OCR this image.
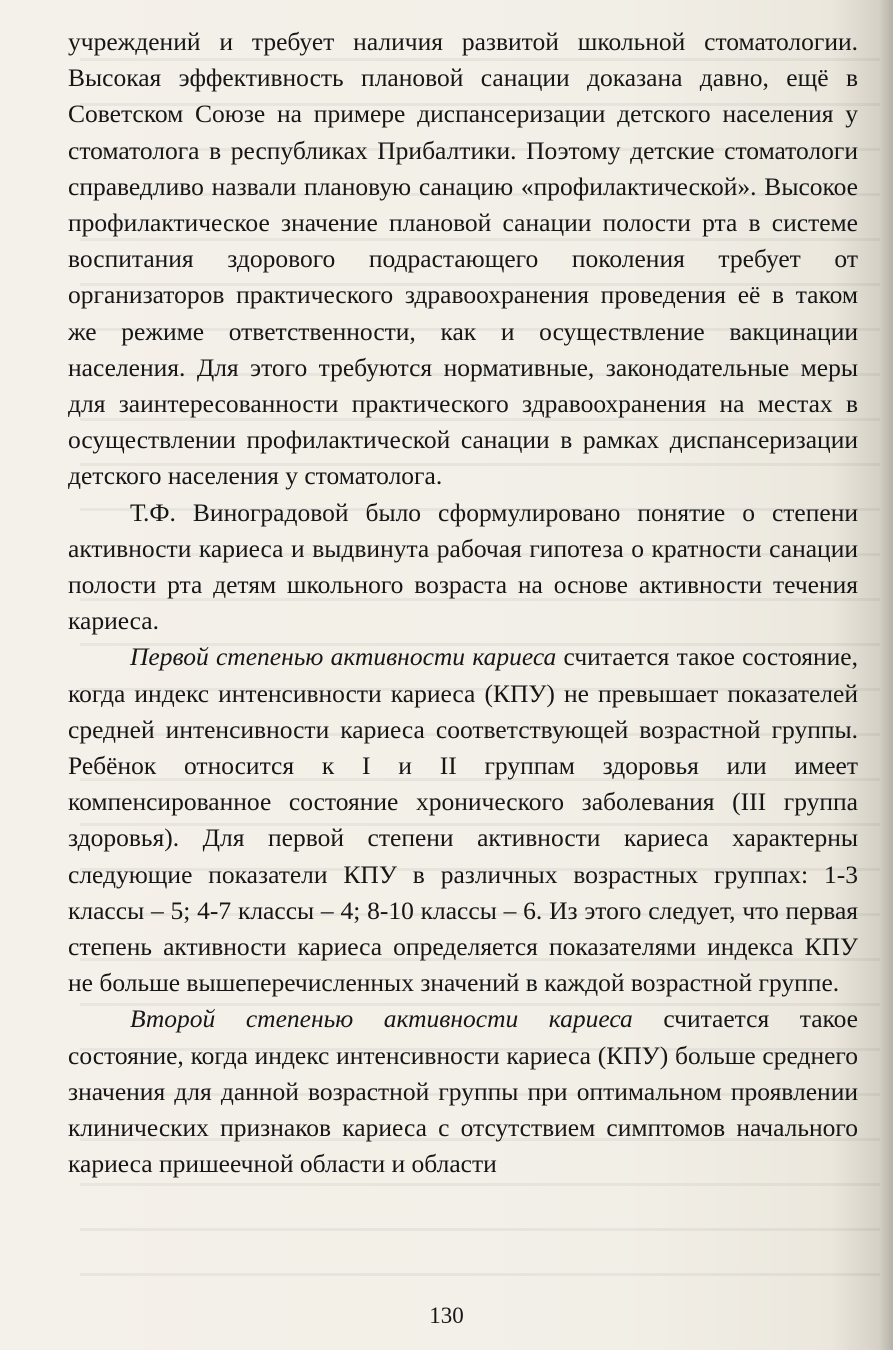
учреждений и требует наличия развитой школьной стоматологии. Высокая эффективность плановой санации доказана давно, ещё в Советском Союзе на примере диспансеризации детского населения у стоматолога в республиках Прибалтики. Поэтому детские стоматологи справедливо назвали плановую санацию «профилактической». Высокое профилактическое значение плановой санации полости рта в системе воспитания здорового подрастающего поколения требует от организаторов практического здравоохранения проведения её в таком же режиме ответственности, как и осуществление вакцинации населения. Для этого требуются нормативные, законодательные меры для заинтересованности практического здравоохранения на местах в осуществлении профилактической санации в рамках диспансеризации детского населения у стоматолога.

Т.Ф. Виноградовой было сформулировано понятие о степени активности кариеса и выдвинута рабочая гипотеза о кратности санации полости рта детям школьного возраста на основе активности течения кариеса.

Первой степенью активности кариеса считается такое состояние, когда индекс интенсивности кариеса (КПУ) не превышает показателей средней интенсивности кариеса соответствующей возрастной группы. Ребёнок относится к I и II группам здоровья или имеет компенсированное состояние хронического заболевания (III группа здоровья). Для первой степени активности кариеса характерны следующие показатели КПУ в различных возрастных группах: 1-3 классы – 5; 4-7 классы – 4; 8-10 классы – 6. Из этого следует, что первая степень активности кариеса определяется показателями индекса КПУ не больше вышеперечисленных значений в каждой возрастной группе.

Второй степенью активности кариеса считается такое состояние, когда индекс интенсивности кариеса (КПУ) больше среднего значения для данной возрастной группы при оптимальном проявлении клинических признаков кариеса с отсутствием симптомов начального кариеса пришеечной области и области

130
